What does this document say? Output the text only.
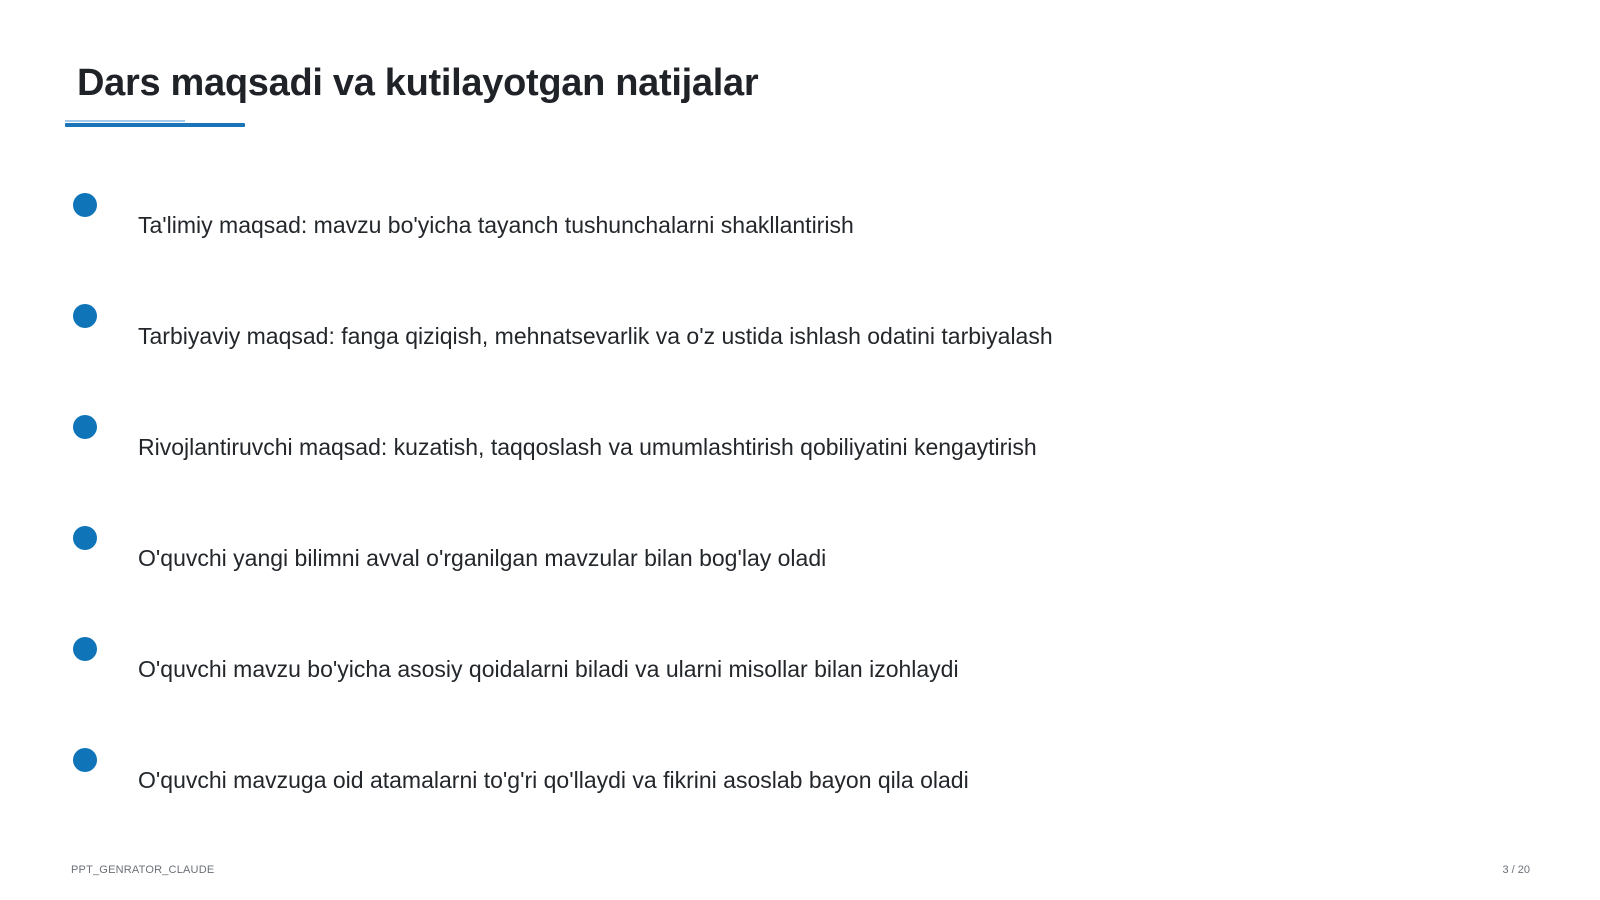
Dars maqsadi va kutilayotgan natijalar
Ta'limiy maqsad: mavzu bo'yicha tayanch tushunchalarni shakllantirish
Tarbiyaviy maqsad: fanga qiziqish, mehnatsevarlik va o'z ustida ishlash odatini tarbiyalash
Rivojlantiruvchi maqsad: kuzatish, taqqoslash va umumlashtirish qobiliyatini kengaytirish
O'quvchi yangi bilimni avval o'rganilgan mavzular bilan bog'lay oladi
O'quvchi mavzu bo'yicha asosiy qoidalarni biladi va ularni misollar bilan izohlaydi
O'quvchi mavzuga oid atamalarni to'g'ri qo'llaydi va fikrini asoslab bayon qila oladi
PPT_GENRATOR_CLAUDE	3 / 20
